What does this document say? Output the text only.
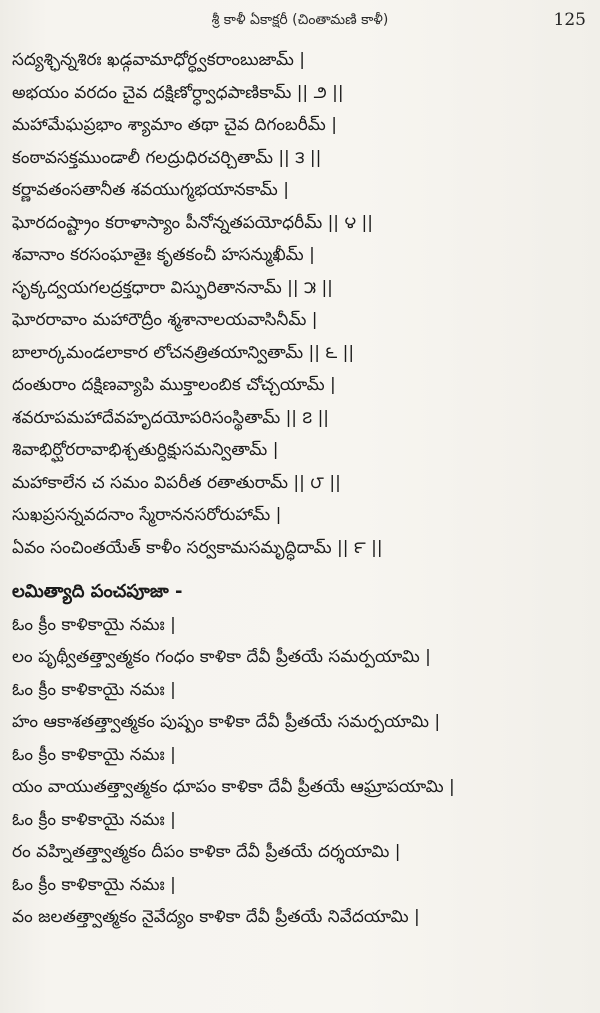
శ్రీ కాళీ ఏకాక్షరీ (చింతామణి కాళీ)	125
సద్యశ్ఛిన్నశిరః ఖడ్గవామాధోర్ధ్వకరాంబుజామ్ |
అభయం వరదం చైవ దక్షిణోర్ధ్వాధపాణికామ్ || ౨ ||
మహామేఘప్రభాం శ్యామాం తథా చైవ దిగంబరీమ్ |
కంఠావసక్తముండాలీ గలద్రుధిరచర్చితామ్ || ౩ ||
కర్ణావతంసతానీత శవయుగ్మభయానకామ్ |
ఘోరదంష్ట్రాం కరాళాస్యాం పీనోన్నతపయోధరీమ్ || ౪ ||
శవానాం కరసంఘాతైః కృతకంచీ హసన్ముఖీమ్ |
సృక్కద్వయగలద్రక్తధారా విస్ఫురితాననామ్ || ౫ ||
ఘోరరావాం మహారౌద్రీం శ్మశానాలయవాసినీమ్ |
బాలార్కమండలాకార లోచనత్రితయాన్వితామ్ || ౬ ||
దంతురాం దక్షిణవ్యాపి ముక్తాలంబిక చోచ్చయామ్ |
శవరూపమహాదేవహృదయోపరిసంస్థితామ్ || ౭ ||
శివాభిర్ఘోరరావాభిశ్చతుర్దిక్షుసమన్వితామ్ |
మహాకాలేన చ సమం విపరీత రతాతురామ్ || ౮ ||
సుఖప్రసన్నవదనాం స్మేరాననసరోరుహామ్ |
ఏవం సంచింతయేత్ కాళీం సర్వకామసమృద్ధిదామ్ || ౯ ||
లమిత్యాది పంచపూజా -
ఓం క్రీం కాళికాయై నమః |
లం పృథ్వీతత్త్వాత్మకం గంధం కాళికా దేవీ ప్రీతయే సమర్పయామి |
ఓం క్రీం కాళికాయై నమః |
హం ఆకాశతత్త్వాత్మకం పుష్పం కాళికా దేవీ ప్రీతయే సమర్పయామి |
ఓం క్రీం కాళికాయై నమః |
యం వాయుతత్త్వాత్మకం ధూపం కాళికా దేవీ ప్రీతయే ఆఘ్రాపయామి |
ఓం క్రీం కాళికాయై నమః |
రం వహ్నితత్త్వాత్మకం దీపం కాళికా దేవీ ప్రీతయే దర్శయామి |
ఓం క్రీం కాళికాయై నమః |
వం జలతత్త్వాత్మకం నైవేద్యం కాళికా దేవీ ప్రీతయే నివేదయామి |
